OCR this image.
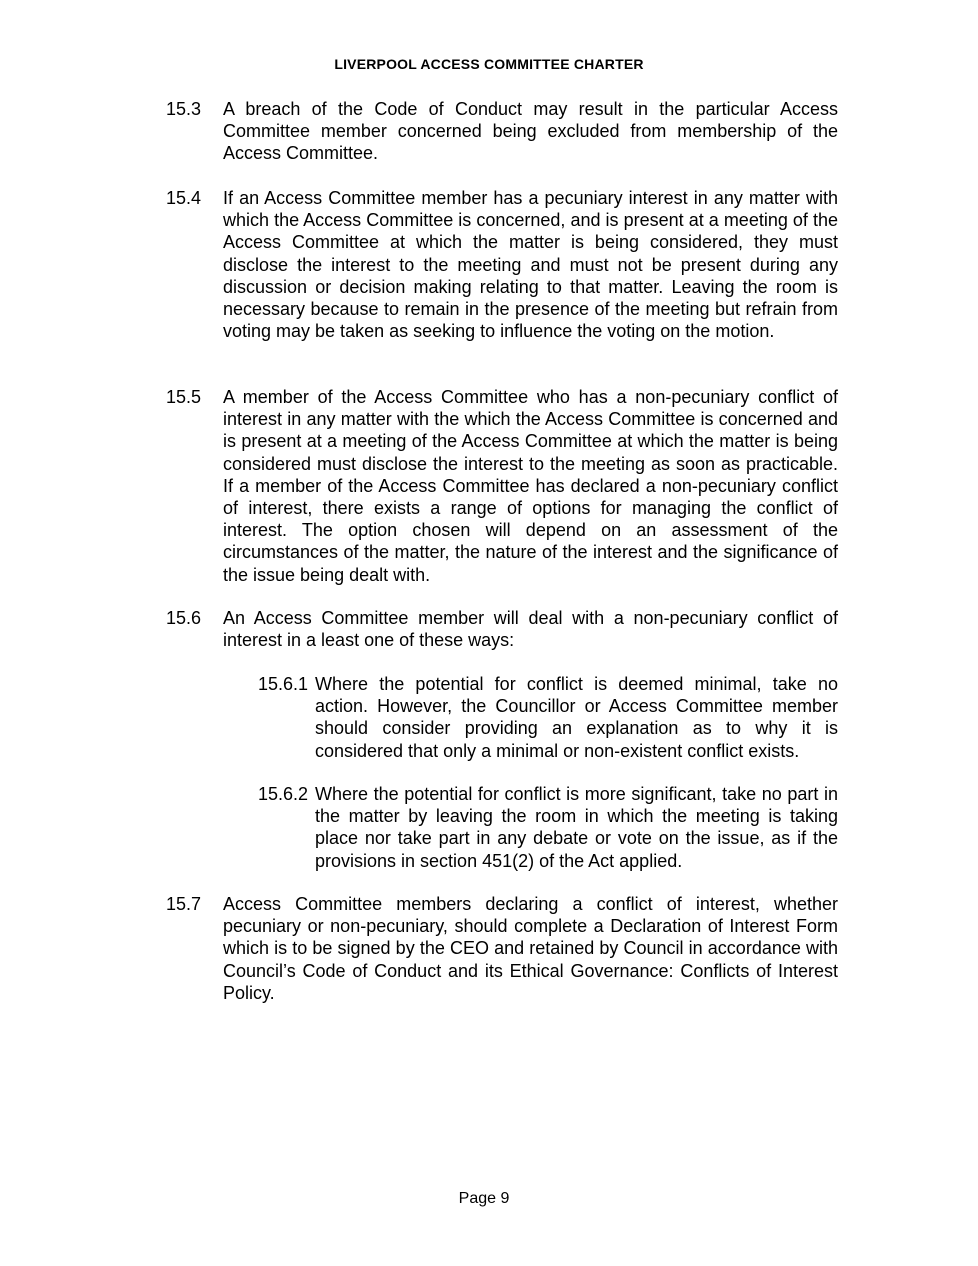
LIVERPOOL ACCESS COMMITTEE CHARTER
15.3 A breach of the Code of Conduct may result in the particular Access Committee member concerned being excluded from membership of the Access Committee.
15.4 If an Access Committee member has a pecuniary interest in any matter with which the Access Committee is concerned, and is present at a meeting of the Access Committee at which the matter is being considered, they must disclose the interest to the meeting and must not be present during any discussion or decision making relating to that matter. Leaving the room is necessary because to remain in the presence of the meeting but refrain from voting may be taken as seeking to influence the voting on the motion.
15.5 A member of the Access Committee who has a non-pecuniary conflict of interest in any matter with the which the Access Committee is concerned and is present at a meeting of the Access Committee at which the matter is being considered must disclose the interest to the meeting as soon as practicable. If a member of the Access Committee has declared a non-pecuniary conflict of interest, there exists a range of options for managing the conflict of interest. The option chosen will depend on an assessment of the circumstances of the matter, the nature of the interest and the significance of the issue being dealt with.
15.6 An Access Committee member will deal with a non-pecuniary conflict of interest in a least one of these ways:
15.6.1 Where the potential for conflict is deemed minimal, take no action. However, the Councillor or Access Committee member should consider providing an explanation as to why it is considered that only a minimal or non-existent conflict exists.
15.6.2 Where the potential for conflict is more significant, take no part in the matter by leaving the room in which the meeting is taking place nor take part in any debate or vote on the issue, as if the provisions in section 451(2) of the Act applied.
15.7 Access Committee members declaring a conflict of interest, whether pecuniary or non-pecuniary, should complete a Declaration of Interest Form which is to be signed by the CEO and retained by Council in accordance with Council’s Code of Conduct and its Ethical Governance: Conflicts of Interest Policy.
Page 9
